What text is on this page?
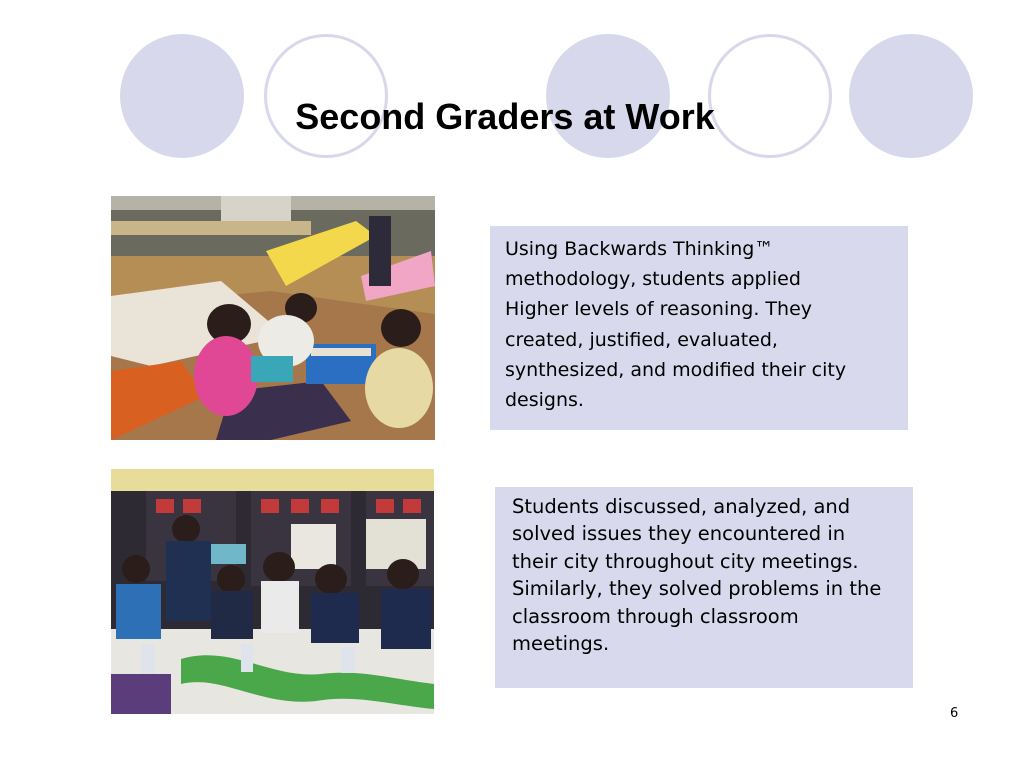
Second Graders at Work
Using Backwards Thinking™
methodology, students applied
Higher levels of reasoning. They
created, justified, evaluated,
synthesized, and modified their city
designs.
Students discussed, analyzed, and
solved issues they encountered in
their city throughout city meetings.
Similarly, they solved problems in the
classroom through classroom
meetings.
6
